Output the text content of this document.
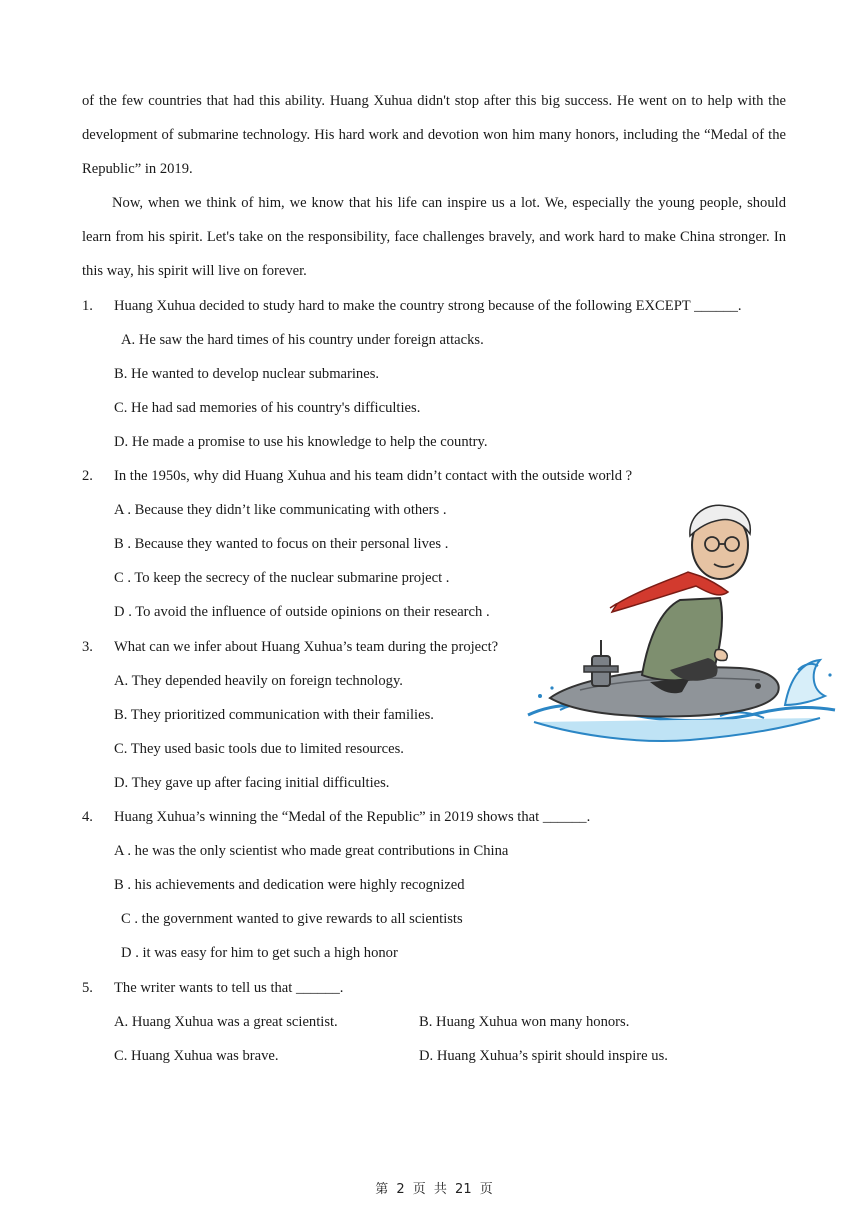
of the few countries that had this ability. Huang Xuhua didn't stop after this big success. He went on to help with the development of submarine technology. His hard work and devotion won him many honors, including the “Medal of the Republic” in 2019.

Now, when we think of him, we know that his life can inspire us a lot. We, especially the young people, should learn from his spirit. Let's take on the responsibility, face challenges bravely, and work hard to make China stronger. In this way, his spirit will live on forever.

1. Huang Xuhua decided to study hard to make the country strong because of the following EXCEPT ______.
A. He saw the hard times of his country under foreign attacks.
B. He wanted to develop nuclear submarines.
C. He had sad memories of his country's difficulties.
D. He made a promise to use his knowledge to help the country.
2. In the 1950s, why did Huang Xuhua and his team didn’t contact with the outside world ?
A . Because they didn’t like communicating with others .
B . Because they wanted to focus on their personal lives .
C . To keep the secrecy of the nuclear submarine project .
D . To avoid the influence of outside opinions on their research .
3. What can we infer about Huang Xuhua’s team during the project?
A. They depended heavily on foreign technology.
B. They prioritized communication with their families.
C. They used basic tools due to limited resources.
D. They gave up after facing initial difficulties.
4. Huang Xuhua’s winning the “Medal of the Republic” in 2019 shows that ______.
A . he was the only scientist who made great contributions in China
B . his achievements and dedication were highly recognized
C . the government wanted to give rewards to all scientists
D . it was easy for him to get such a high honor
5. The writer wants to tell us that ______.
A. Huang Xuhua was a great scientist.	B. Huang Xuhua won many honors.
C. Huang Xuhua was brave.	D. Huang Xuhua’s spirit should inspire us.
第 2 页 共 21 页
